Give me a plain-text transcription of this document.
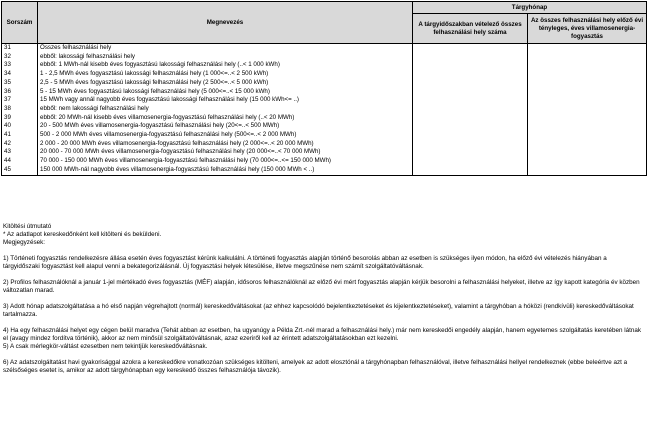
Sorszám	Megnevezés	Tárgyhónap	
		A tárgyidőszakban vételező összes felhasználási hely száma	Az összes felhasználási hely előző évi tényleges, éves villamosenergia-fogyasztás
31	Összes felhasználási hely		
32	ebből: lakossági felhasználási hely		
33	ebből: 1 MWh-nál kisebb éves fogyasztású lakossági felhasználási hely (..< 1 000 kWh)		
34	1 - 2,5 MWh éves fogyasztású lakossági felhasználási hely (1 000<=..< 2 500 kWh)		
35	2,5 - 5 MWh éves fogyasztású lakossági felhasználási hely (2 500<=..< 5 000 kWh)		
36	5 - 15 MWh éves fogyasztású lakossági felhasználási hely (5 000<=..< 15 000 kWh)		
37	15 MWh vagy annál nagyobb éves fogyasztású lakossági felhasználási hely (15 000 kWh<= ..)		
38	ebből: nem lakossági felhasználási hely		
39	ebből: 20 MWh-nál kisebb éves villamosenergia-fogyasztású felhasználási hely (..< 20 MWh)		
40	20 - 500 MWh éves villamosenergia-fogyasztású felhasználási hely (20<=..< 500 MWh)		
41	500 - 2 000 MWh éves villamosenergia-fogyasztású felhasználási hely (500<=..< 2 000 MWh)		
42	2 000 - 20 000 MWh éves villamosenergia-fogyasztású felhasználási hely (2 000<=..< 20 000 MWh)		
43	20 000 - 70 000 MWh éves villamosenergia-fogyasztású felhasználási hely (20 000<=..< 70 000 MWh)		
44	70 000 - 150 000 MWh éves villamosenergia-fogyasztású felhasználási hely (70 000<=..<= 150 000 MWh)		
45	150 000 MWh-nál nagyobb éves villamosenergia-fogyasztású felhasználási hely (150 000 MWh < ..)		

Kitöltési útmutató

* Az adatlapot kereskedőnként kell kitölteni és beküldeni.

Megjegyzések:

1) Történeti fogyasztás rendelkezésre állása esetén éves fogyasztást kérünk kalkulálni. A történeti fogyasztás alapján történő besorolás abban az esetben is szükséges ilyen módon, ha előző évi vételezés hiányában a tárgyidőszaki fogyasztást kell alapul venni a bekategorizálásnál. Új fogyasztási helyek létesülése, illetve megszűnése nem számít szolgáltatóváltásnak.

2) Profilos felhasználóknál a január 1-jel mértékadó éves fogyasztás (MÉF) alapján, idősoros felhasználóknál az előző évi mért fogyasztás alapján kérjük besorolni a felhasználási helyeket, illetve az így kapott kategória év közben változatlan marad.

3) Adott hónap adatszolgáltatása a hó első napján végrehajtott (normál) kereskedőváltásokat (az ehhez kapcsolódó bejelentkeztetéseket és kijelentkeztetéseket), valamint a tárgyhóban a hóközi (rendkívüli) kereskedőváltásokat tartalmazza.

4) Ha egy felhasználási helyet egy cégen belül maradva (Tehát abban az esetben, ha ugyanúgy a Példa Zrt.-nél marad a felhasználási hely.) már nem kereskedői engedély alapján, hanem egyetemes szolgáltatás keretében látnak el (avagy mindez fordítva történik), akkor az nem minősül szolgáltatóváltásnak, azaz ezeriről kell az érintett adatszolgáltatásokban ezt kezelni.

5) A csak mérlegkör-váltást ezesetben nem tekintjük kereskedőváltásnak.

6) Az adatszolgáltatást havi gyakorisággal azokra a kereskedőkre vonatkozóan szükséges kitölteni, amelyek az adott elosztónál a tárgyhónapban felhasználóval, illetve felhasználási hellyel rendelkeznek (ebbe beleértve azt a szélsőséges esetet is, amikor az adott tárgyhónapban egy kereskedő összes felhasználója távozik).
